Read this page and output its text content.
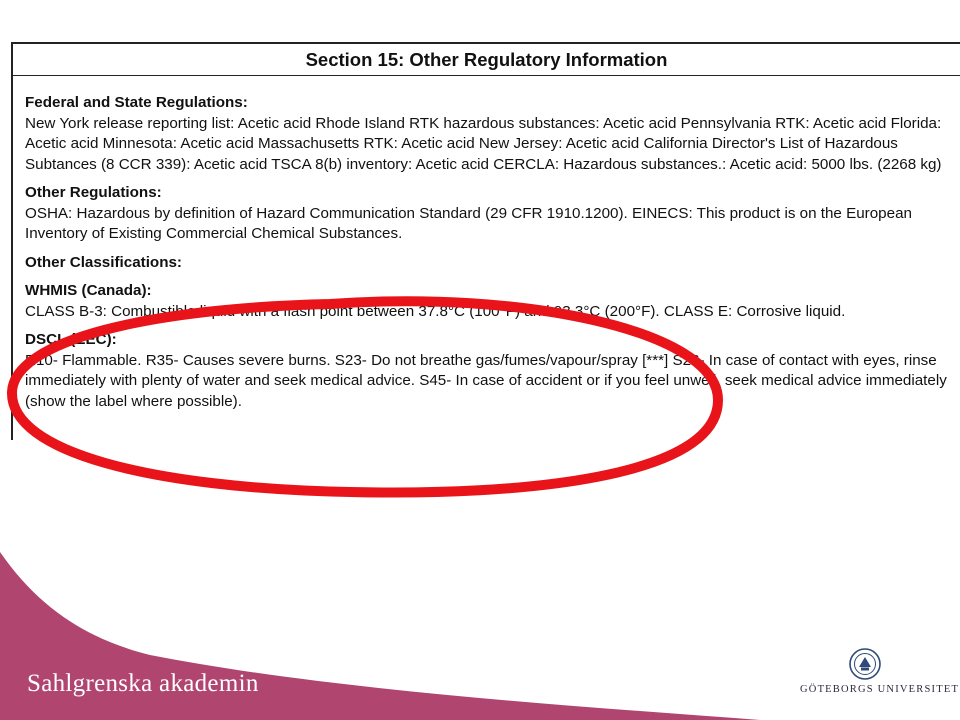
Section 15: Other Regulatory Information
Federal and State Regulations:
New York release reporting list: Acetic acid Rhode Island RTK hazardous substances: Acetic acid Pennsylvania RTK: Acetic acid Florida: Acetic acid Minnesota: Acetic acid Massachusetts RTK: Acetic acid New Jersey: Acetic acid California Director's List of Hazardous Subtances (8 CCR 339): Acetic acid TSCA 8(b) inventory: Acetic acid CERCLA: Hazardous substances.: Acetic acid: 5000 lbs. (2268 kg)
Other Regulations:
OSHA: Hazardous by definition of Hazard Communication Standard (29 CFR 1910.1200). EINECS: This product is on the European Inventory of Existing Commercial Chemical Substances.
Other Classifications:
WHMIS (Canada):
CLASS B-3: Combustible liquid with a flash point between 37.8°C (100°F) and 93.3°C (200°F). CLASS E: Corrosive liquid.
DSCL (EEC):
R10- Flammable. R35- Causes severe burns. S23- Do not breathe gas/fumes/vapour/spray [***] S26- In case of contact with eyes, rinse immediately with plenty of water and seek medical advice. S45- In case of accident or if you feel unwell, seek medical advice immediately (show the label where possible).
Sahlgrenska akademin	GÖTEBORGS UNIVERSITET
